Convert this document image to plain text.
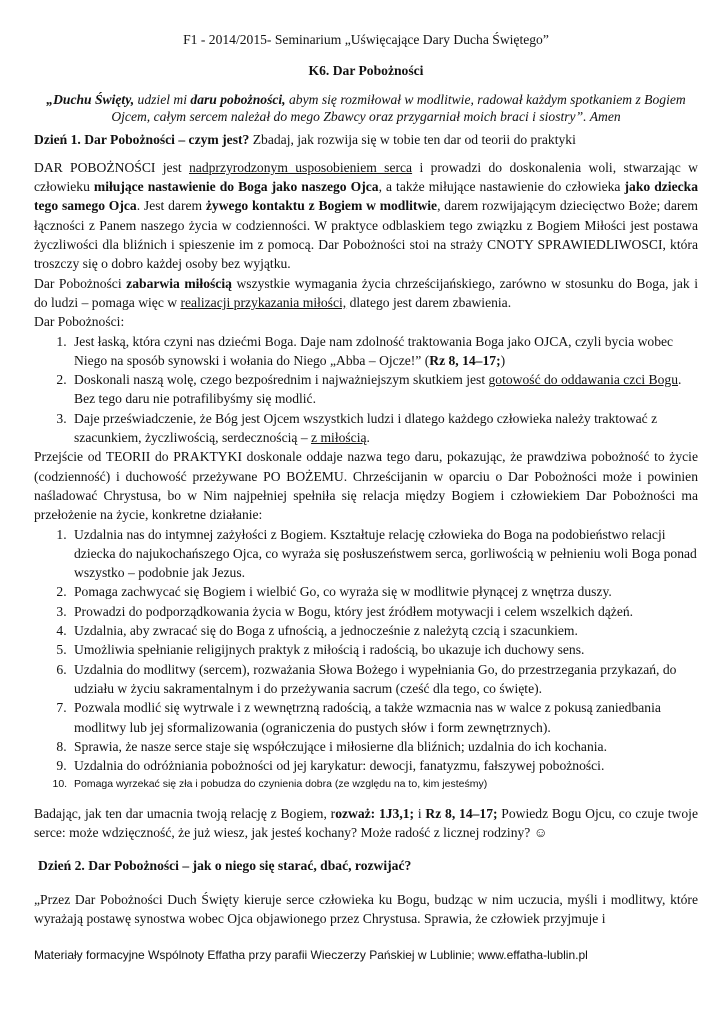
F1 - 2014/2015- Seminarium „Uświęcające Dary Ducha Świętego”
K6. Dar Pobożności
„Duchu Święty, udziel mi daru pobożności, abym się rozmiłował w modlitwie, radował każdym spotkaniem z Bogiem Ojcem, całym sercem należał do mego Zbawcy oraz przygarniał moich braci i siostry”. Amen
Dzień 1. Dar Pobożności – czym jest? Zbadaj, jak rozwija się w tobie ten dar od teorii do praktyki
DAR POBOŻNOŚCI jest nadprzyrodzonym usposobieniem serca i prowadzi do doskonalenia woli, stwarzając w człowieku miłujące nastawienie do Boga jako naszego Ojca, a także miłujące nastawienie do człowieka jako dziecka tego samego Ojca. Jest darem żywego kontaktu z Bogiem w modlitwie, darem rozwijającym dziecięctwo Boże; darem łączności z Panem naszego życia w codzienności. W praktyce odblaskiem tego związku z Bogiem Miłości jest postawa życzliwości dla bliźnich i spieszenie im z pomocą. Dar Pobożności stoi na straży CNOTY SPRAWIEDLIWOSCI, która troszczy się o dobro każdej osoby bez wyjątku.
Dar Pobożności zabarwia miłością wszystkie wymagania życia chrześcijańskiego, zarówno w stosunku do Boga, jak i do ludzi – pomaga więc w realizacji przykazania miłości, dlatego jest darem zbawienia.
Dar Pobożności:
1. Jest łaską, która czyni nas dziećmi Boga. Daje nam zdolność traktowania Boga jako OJCA, czyli bycia wobec Niego na sposób synowski i wołania do Niego „Abba – Ojcze!” (Rz 8, 14–17;)
2. Doskonali naszą wolę, czego bezpośrednim i najważniejszym skutkiem jest gotowość do oddawania czci Bogu. Bez tego daru nie potrafilibyśmy się modlić.
3. Daje przeświadczenie, że Bóg jest Ojcem wszystkich ludzi i dlatego każdego człowieka należy traktować z szacunkiem, życzliwością, serdecznością – z miłością.
Przejście od TEORII do PRAKTYKI doskonale oddaje nazwa tego daru, pokazując, że prawdziwa pobożność to życie (codzienność) i duchowość przeżywane PO BOŻEMU. Chrześcijanin w oparciu o Dar Pobożności może i powinien naśladować Chrystusa, bo w Nim najpełniej spełniła się relacja między Bogiem i człowiekiem Dar Pobożności ma przełożenie na życie, konkretne działanie:
1. Uzdalnia nas do intymnej zażyłości z Bogiem. Kształtuje relację człowieka do Boga na podobieństwo relacji dziecka do najukochańszego Ojca, co wyraża się posłuszeństwem serca, gorliwością w pełnieniu woli Boga ponad wszystko – podobnie jak Jezus.
2. Pomaga zachwycać się Bogiem i wielbić Go, co wyraża się w modlitwie płynącej z wnętrza duszy.
3. Prowadzi do podporządkowania życia w Bogu, który jest źródłem motywacji i celem wszelkich dążeń.
4. Uzdalnia, aby zwracać się do Boga z ufnością, a jednocześnie z należytą czcią i szacunkiem.
5. Umożliwia spełnianie religijnych praktyk z miłością i radością, bo ukazuje ich duchowy sens.
6. Uzdalnia do modlitwy (sercem), rozważania Słowa Bożego i wypełniania Go, do przestrzegania przykazań, do udziału w życiu sakramentalnym i do przeżywania sacrum (cześć dla tego, co święte).
7. Pozwala modlić się wytrwale i z wewnętrzną radością, a także wzmacnia nas w walce z pokusą zaniedbania modlitwy lub jej sformalizowania (ograniczenia do pustych słów i form zewnętrznych).
8. Sprawia, że nasze serce staje się współczujące i miłosierne dla bliźnich; uzdalnia do ich kochania.
9. Uzdalnia do odróżniania pobożności od jej karykatur: dewocji, fanatyzmu, fałszywej pobożności.
10. Pomaga wyrzekać się zła i pobudza do czynienia dobra (ze względu na to, kim jesteśmy)
Badając, jak ten dar umacnia twoją relację z Bogiem, rozważ: 1J3,1; i Rz 8, 14–17; Powiedz Bogu Ojcu, co czuje twoje serce: może wdzięczność, że już wiesz, jak jesteś kochany? Może radość z licznej rodziny? ☺
Dzień 2. Dar Pobożności – jak o niego się starać, dbać, rozwijać?
„Przez Dar Pobożności Duch Święty kieruje serce człowieka ku Bogu, budząc w nim uczucia, myśli i modlitwy, które wyrażają postawę synostwa wobec Ojca objawionego przez Chrystusa. Sprawia, że człowiek przyjmuje i
Materiały formacyjne Wspólnoty Effatha przy parafii Wieczerzy Pańskiej w Lublinie; www.effatha-lublin.pl
